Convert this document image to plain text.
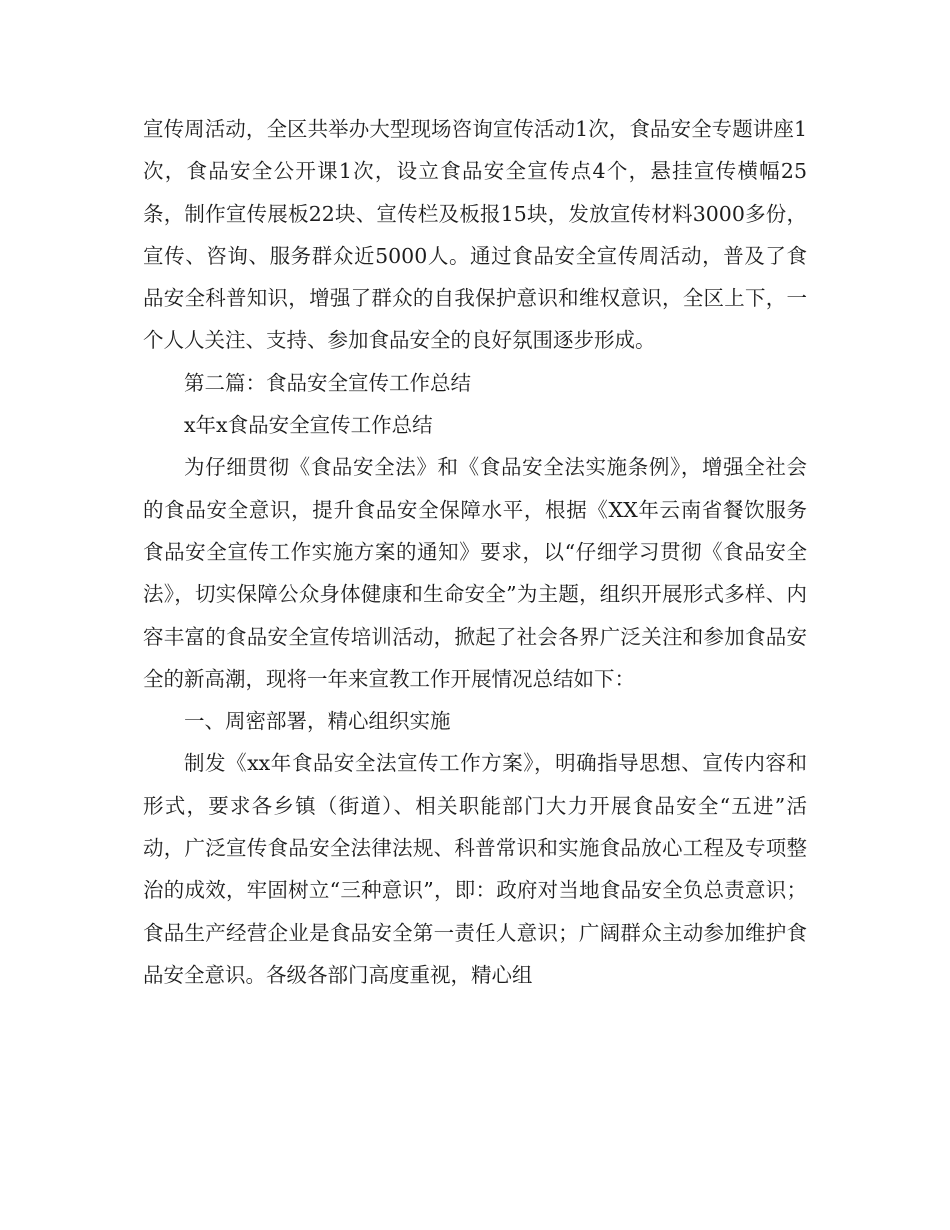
宣传周活动，全区共举办大型现场咨询宣传活动1次，食品安全专题讲座1次，食品安全公开课1次，设立食品安全宣传点4个，悬挂宣传横幅25条，制作宣传展板22块、宣传栏及板报15块，发放宣传材料3000多份，宣传、咨询、服务群众近5000人。通过食品安全宣传周活动，普及了食品安全科普知识，增强了群众的自我保护意识和维权意识，全区上下，一个人人关注、支持、参加食品安全的良好氛围逐步形成。

第二篇：食品安全宣传工作总结

x年x食品安全宣传工作总结

为仔细贯彻《食品安全法》和《食品安全法实施条例》，增强全社会的食品安全意识，提升食品安全保障水平，根据《XX年云南省餐饮服务食品安全宣传工作实施方案的通知》要求，以“仔细学习贯彻《食品安全法》，切实保障公众身体健康和生命安全”为主题，组织开展形式多样、内容丰富的食品安全宣传培训活动，掀起了社会各界广泛关注和参加食品安全的新高潮，现将一年来宣教工作开展情况总结如下：

一、周密部署，精心组织实施

制发《xx年食品安全法宣传工作方案》，明确指导思想、宣传内容和形式，要求各乡镇（街道）、相关职能部门大力开展食品安全“五进”活动，广泛宣传食品安全法律法规、科普常识和实施食品放心工程及专项整治的成效，牢固树立“三种意识”，即：政府对当地食品安全负总责意识；食品生产经营企业是食品安全第一责任人意识；广阔群众主动参加维护食品安全意识。各级各部门高度重视，精心组
